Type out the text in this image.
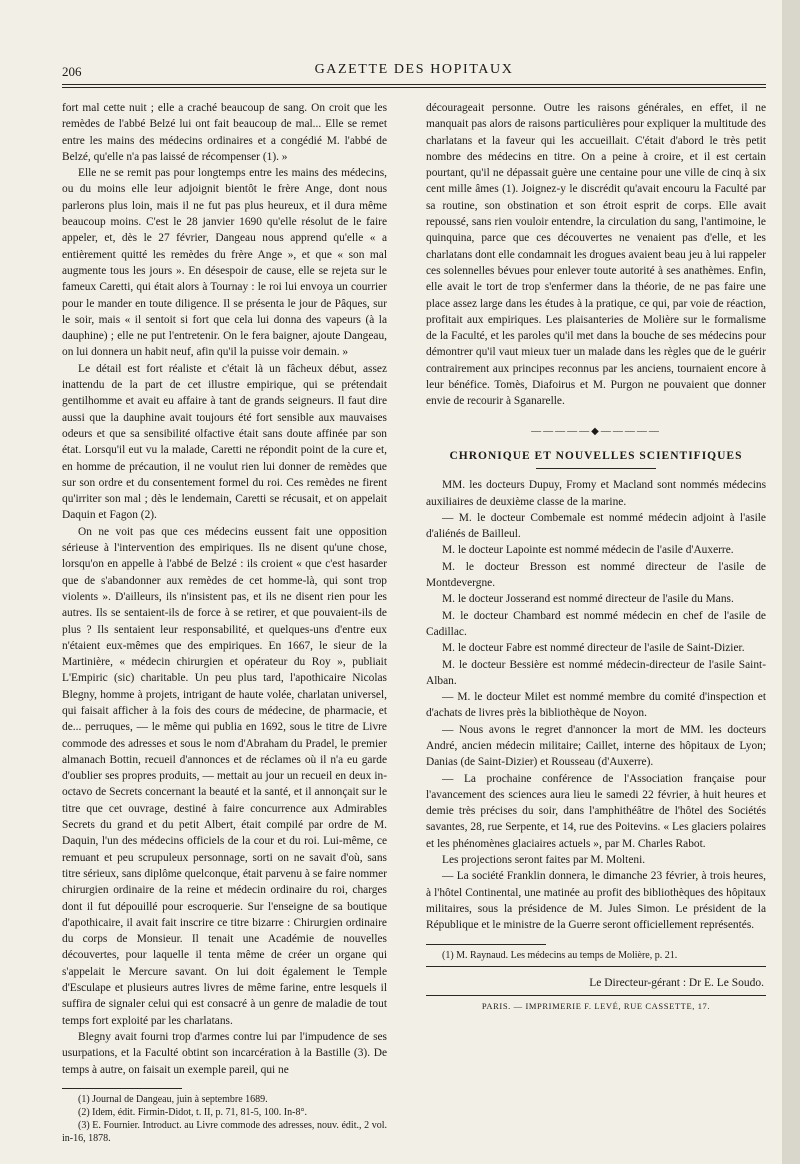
206	GAZETTE DES HOPITAUX

fort mal cette nuit ; elle a craché beaucoup de sang. On croit que les remèdes de l'abbé Belzé lui ont fait beaucoup de mal... Elle se remet entre les mains des médecins ordinaires et a congédié M. l'abbé de Belzé, qu'elle n'a pas laissé de récompenser (1). »

Elle ne se remit pas pour longtemps entre les mains des médecins, ou du moins elle leur adjoignit bientôt le frère Ange, dont nous parlerons plus loin, mais il ne fut pas plus heureux, et il dura même beaucoup moins. C'est le 28 janvier 1690 qu'elle résolut de le faire appeler, et, dès le 27 février, Dangeau nous apprend qu'elle « a entièrement quitté les remèdes du frère Ange », et que « son mal augmente tous les jours ». En désespoir de cause, elle se rejeta sur le fameux Caretti, qui était alors à Tournay : le roi lui envoya un courrier pour le mander en toute diligence. Il se présenta le jour de Pâques, sur le soir, mais « il sentoit si fort que cela lui donna des vapeurs (à la dauphine) ; elle ne put l'entretenir. On le fera baigner, ajoute Dangeau, on lui donnera un habit neuf, afin qu'il la puisse voir demain. »

Le détail est fort réaliste et c'était là un fâcheux début, assez inattendu de la part de cet illustre empirique, qui se prétendait gentilhomme et avait eu affaire à tant de grands seigneurs. Il faut dire aussi que la dauphine avait toujours été fort sensible aux mauvaises odeurs et que sa sensibilité olfactive était sans doute affinée par son état. Lorsqu'il eut vu la malade, Caretti ne répondit point de la cure et, en homme de précaution, il ne voulut rien lui donner de remèdes que sur son ordre et du consentement formel du roi. Ces remèdes ne firent qu'irriter son mal ; dès le lendemain, Caretti se récusait, et on appelait Daquin et Fagon (2).

On ne voit pas que ces médecins eussent fait une opposition sérieuse à l'intervention des empiriques. Ils ne disent qu'une chose, lorsqu'on en appelle à l'abbé de Belzé : ils croient « que c'est hasarder que de s'abandonner aux remèdes de cet homme-là, qui sont trop violents ». D'ailleurs, ils n'insistent pas, et ils ne disent rien pour les autres. Ils se sentaient-ils de force à se retirer, et que pouvaient-ils de plus ? Ils sentaient leur responsabilité, et quelques-uns d'entre eux n'étaient eux-mêmes que des empiriques. En 1667, le sieur de la Martinière, « médecin chirurgien et opérateur du Roy », publiait L'Empiric (sic) charitable. Un peu plus tard, l'apothicaire Nicolas Blegny, homme à projets, intrigant de haute volée, charlatan universel, qui faisait afficher à la fois des cours de médecine, de pharmacie, et de... perruques, — le même qui publia en 1692, sous le titre de Livre commode des adresses et sous le nom d'Abraham du Pradel, le premier almanach Bottin, recueil d'annonces et de réclames où il n'a eu garde d'oublier ses propres produits, — mettait au jour un recueil en deux in-octavo de Secrets concernant la beauté et la santé, et il annonçait sur le titre que cet ouvrage, destiné à faire concurrence aux Admirables Secrets du grand et du petit Albert, était compilé par ordre de M. Daquin, l'un des médecins officiels de la cour et du roi. Lui-même, ce remuant et peu scrupuleux personnage, sorti on ne savait d'où, sans titre sérieux, sans diplôme quelconque, était parvenu à se faire nommer chirurgien ordinaire de la reine et médecin ordinaire du roi, charges dont il fut dépouillé pour escroquerie. Sur l'enseigne de sa boutique d'apothicaire, il avait fait inscrire ce titre bizarre : Chirurgien ordinaire du corps de Monsieur. Il tenait une Académie de nouvelles découvertes, pour laquelle il tenta même de créer un organe qui s'appelait le Mercure savant. On lui doit également le Temple d'Esculape et plusieurs autres livres de même farine, entre lesquels il suffira de signaler celui qui est consacré à un genre de maladie de tout temps fort exploité par les charlatans.

Blegny avait fourni trop d'armes contre lui par l'impudence de ses usurpations, et la Faculté obtint son incarcération à la Bastille (3). De temps à autre, on faisait un exemple pareil, qui ne

(1) Journal de Dangeau, juin à septembre 1689.
(2) Idem, édit. Firmin-Didot, t. II, p. 71, 81-5, 100. In-8°.
(3) E. Fournier. Introduct. au Livre commode des adresses, nouv. édit., 2 vol. in-16, 1878.

décourageait personne. Outre les raisons générales, en effet, il ne manquait pas alors de raisons particulières pour expliquer la multitude des charlatans et la faveur qui les accueillait. C'était d'abord le très petit nombre des médecins en titre. On a peine à croire, et il est certain pourtant, qu'il ne dépassait guère une centaine pour une ville de cinq à six cent mille âmes (1). Joignez-y le discrédit qu'avait encouru la Faculté par sa routine, son obstination et son étroit esprit de corps. Elle avait repoussé, sans rien vouloir entendre, la circulation du sang, l'antimoine, le quinquina, parce que ces découvertes ne venaient pas d'elle, et les charlatans dont elle condamnait les drogues avaient beau jeu à lui rappeler ces solennelles bévues pour enlever toute autorité à ses anathèmes. Enfin, elle avait le tort de trop s'enfermer dans la théorie, de ne pas faire une place assez large dans les études à la pratique, ce qui, par voie de réaction, profitait aux empiriques. Les plaisanteries de Molière sur le formalisme de la Faculté, et les paroles qu'il met dans la bouche de ses médecins pour démontrer qu'il vaut mieux tuer un malade dans les règles que de le guérir contrairement aux principes reconnus par les anciens, tournaient encore à leur bénéfice. Tomès, Diafoirus et M. Purgon ne pouvaient que donner envie de recourir à Sganarelle.

—————◆—————
CHRONIQUE ET NOUVELLES SCIENTIFIQUES

MM. les docteurs Dupuy, Fromy et Macland sont nommés médecins auxiliaires de deuxième classe de la marine.

— M. le docteur Combemale est nommé médecin adjoint à l'asile d'aliénés de Bailleul.

M. le docteur Lapointe est nommé médecin de l'asile d'Auxerre.

M. le docteur Bresson est nommé directeur de l'asile de Montdevergne.

M. le docteur Josserand est nommé directeur de l'asile du Mans.

M. le docteur Chambard est nommé médecin en chef de l'asile de Cadillac.

M. le docteur Fabre est nommé directeur de l'asile de Saint-Dizier.

M. le docteur Bessière est nommé médecin-directeur de l'asile Saint-Alban.

— M. le docteur Milet est nommé membre du comité d'inspection et d'achats de livres près la bibliothèque de Noyon.

— Nous avons le regret d'annoncer la mort de MM. les docteurs André, ancien médecin militaire; Caillet, interne des hôpitaux de Lyon; Danias (de Saint-Dizier) et Rousseau (d'Auxerre).

— La prochaine conférence de l'Association française pour l'avancement des sciences aura lieu le samedi 22 février, à huit heures et demie très précises du soir, dans l'amphithéâtre de l'hôtel des Sociétés savantes, 28, rue Serpente, et 14, rue des Poitevins. « Les glaciers polaires et les phénomènes glaciaires actuels », par M. Charles Rabot.

Les projections seront faites par M. Molteni.

— La société Franklin donnera, le dimanche 23 février, à trois heures, à l'hôtel Continental, une matinée au profit des bibliothèques des hôpitaux militaires, sous la présidence de M. Jules Simon. Le président de la République et le ministre de la Guerre seront officiellement représentés.

(1) M. Raynaud. Les médecins au temps de Molière, p. 21.
Le Directeur-gérant : Dr E. Le Soudo.
PARIS. — IMPRIMERIE F. LEVÉ, RUE CASSETTE, 17.
